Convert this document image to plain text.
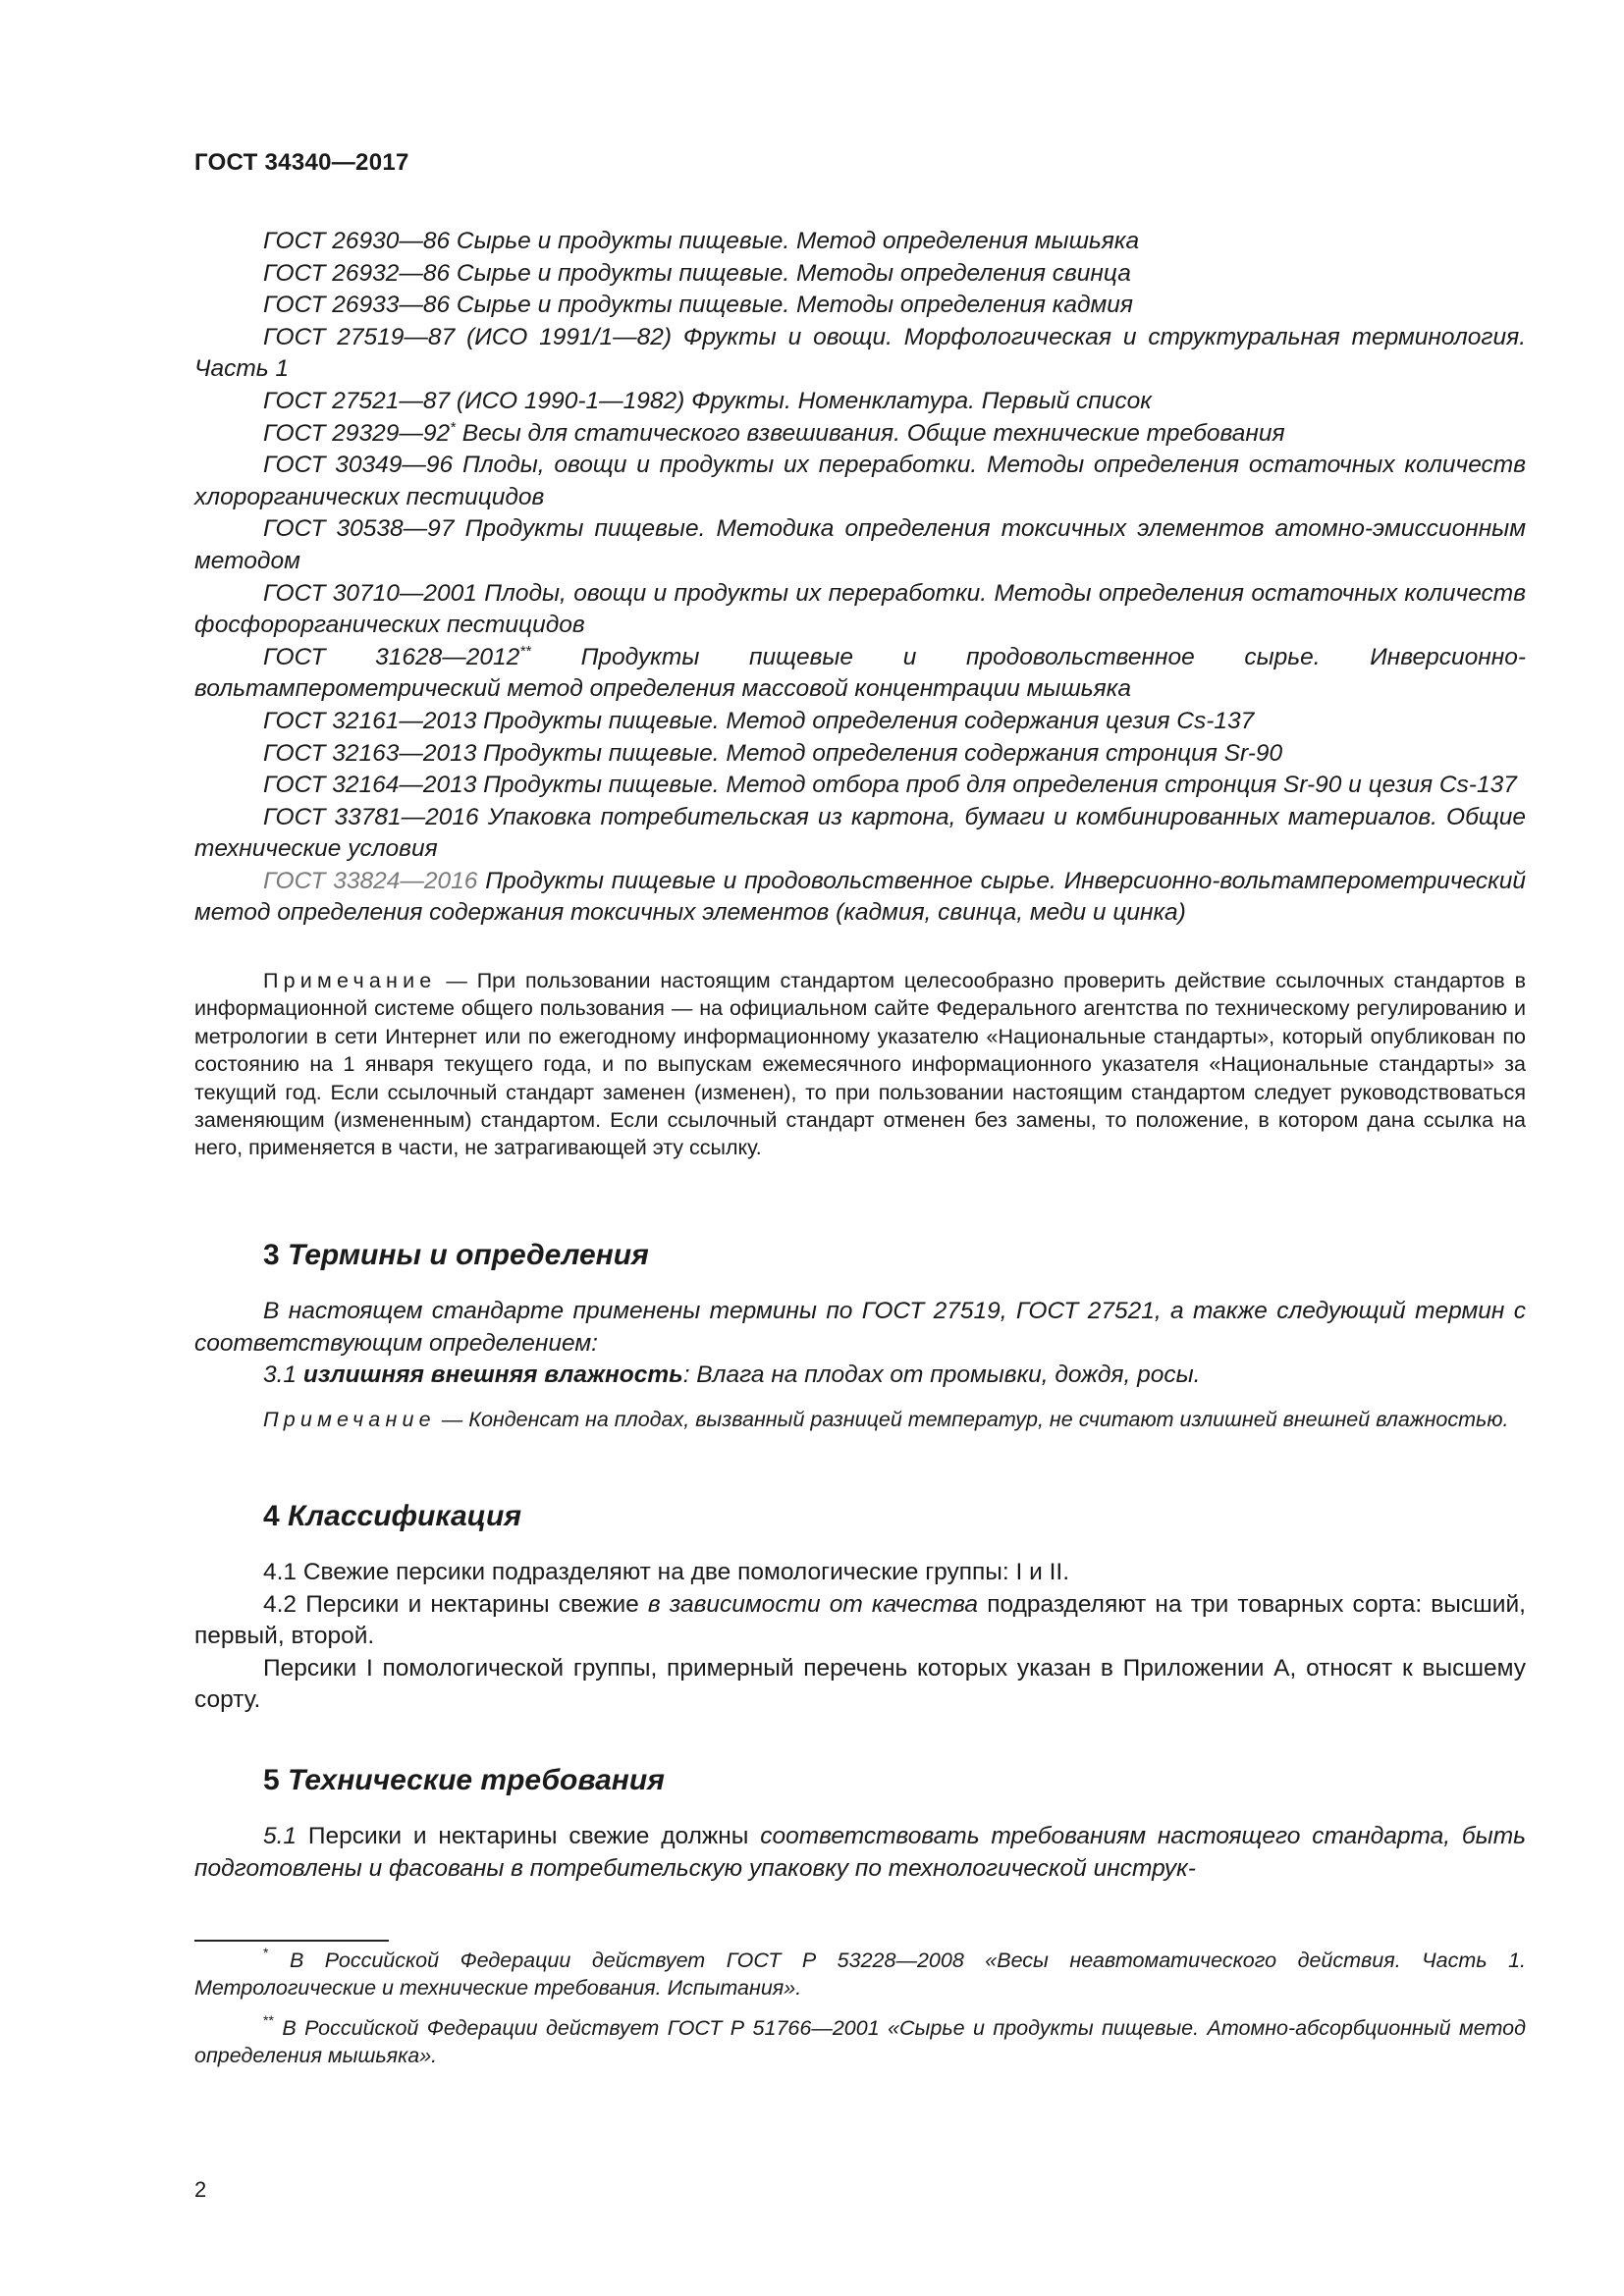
ГОСТ 34340—2017

ГОСТ 26930—86 Сырье и продукты пищевые. Метод определения мышьяка

ГОСТ 26932—86 Сырье и продукты пищевые. Методы определения свинца

ГОСТ 26933—86 Сырье и продукты пищевые. Методы определения кадмия

ГОСТ 27519—87 (ИСО 1991/1—82) Фрукты и овощи. Морфологическая и структуральная терминология. Часть 1

ГОСТ 27521—87 (ИСО 1990-1—1982) Фрукты. Номенклатура. Первый список

ГОСТ 29329—92* Весы для статического взвешивания. Общие технические требования

ГОСТ 30349—96 Плоды, овощи и продукты их переработки. Методы определения остаточных количеств хлорорганических пестицидов

ГОСТ 30538—97 Продукты пищевые. Методика определения токсичных элементов атомно-эмиссионным методом

ГОСТ 30710—2001 Плоды, овощи и продукты их переработки. Методы определения остаточных количеств фосфорорганических пестицидов

ГОСТ 31628—2012** Продукты пищевые и продовольственное сырье. Инверсионно-вольтамперометрический метод определения массовой концентрации мышьяка

ГОСТ 32161—2013 Продукты пищевые. Метод определения содержания цезия Cs-137

ГОСТ 32163—2013 Продукты пищевые. Метод определения содержания стронция Sr-90

ГОСТ 32164—2013 Продукты пищевые. Метод отбора проб для определения стронция Sr-90 и цезия Cs-137

ГОСТ 33781—2016 Упаковка потребительская из картона, бумаги и комбинированных материалов. Общие технические условия

ГОСТ 33824—2016 Продукты пищевые и продовольственное сырье. Инверсионно-вольтамперометрический метод определения содержания токсичных элементов (кадмия, свинца, меди и цинка)

Примечание — При пользовании настоящим стандартом целесообразно проверить действие ссылочных стандартов в информационной системе общего пользования — на официальном сайте Федерального агентства по техническому регулированию и метрологии в сети Интернет или по ежегодному информационному указателю «Национальные стандарты», который опубликован по состоянию на 1 января текущего года, и по выпускам ежемесячного информационного указателя «Национальные стандарты» за текущий год. Если ссылочный стандарт заменен (изменен), то при пользовании настоящим стандартом следует руководствоваться заменяющим (измененным) стандартом. Если ссылочный стандарт отменен без замены, то положение, в котором дана ссылка на него, применяется в части, не затрагивающей эту ссылку.

3 Термины и определения

В настоящем стандарте применены термины по ГОСТ 27519, ГОСТ 27521, а также следующий термин с соответствующим определением:

3.1 излишняя внешняя влажность: Влага на плодах от промывки, дождя, росы.

Примечание — Конденсат на плодах, вызванный разницей температур, не считают излишней внешней влажностью.

4 Классификация

4.1 Свежие персики подразделяют на две помологические группы: I и II.

4.2 Персики и нектарины свежие в зависимости от качества подразделяют на три товарных сорта: высший, первый, второй.

Персики I помологической группы, примерный перечень которых указан в Приложении А, относят к высшему сорту.

5 Технические требования

5.1 Персики и нектарины свежие должны соответствовать требованиям настоящего стандарта, быть подготовлены и фасованы в потребительскую упаковку по технологической инструк-

* В Российской Федерации действует ГОСТ Р 53228—2008 «Весы неавтоматического действия. Часть 1. Метрологические и технические требования. Испытания».

** В Российской Федерации действует ГОСТ Р 51766—2001 «Сырье и продукты пищевые. Атомно-абсорбционный метод определения мышьяка».

2
